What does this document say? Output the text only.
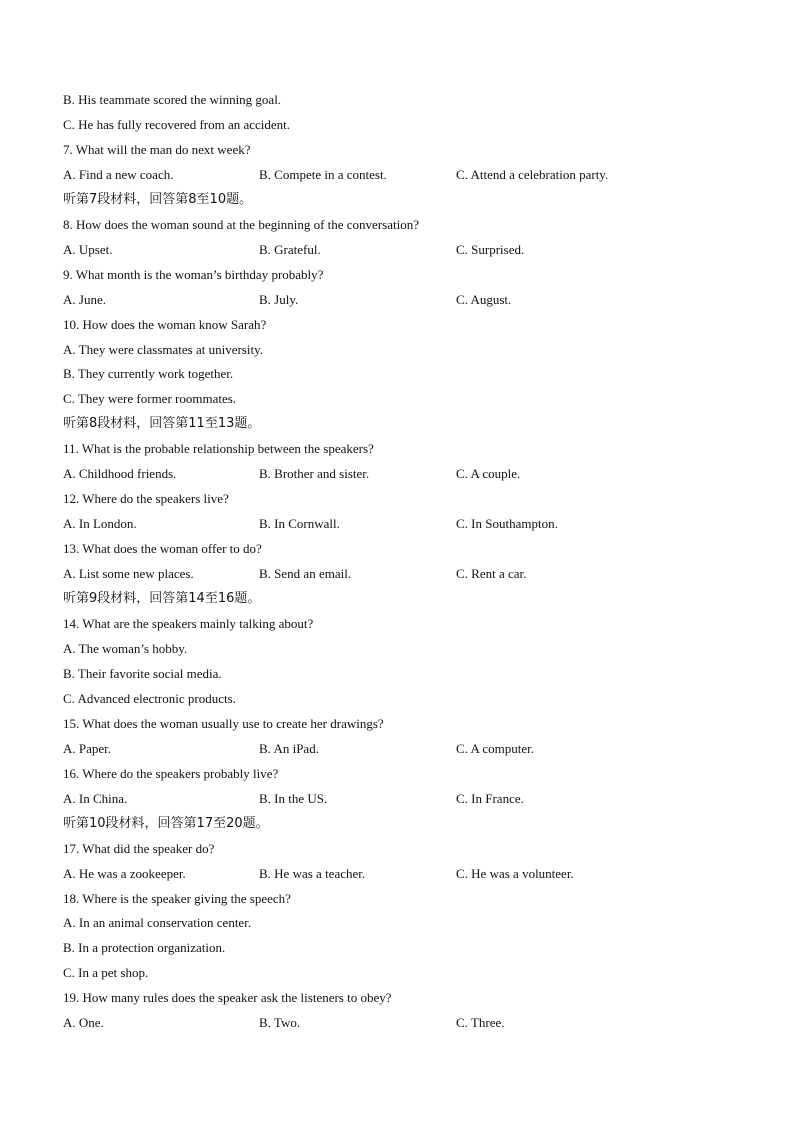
B. His teammate scored the winning goal.
C. He has fully recovered from an accident.
7. What will the man do next week?
A. Find a new coach.	B. Compete in a contest.	C. Attend a celebration party.
听第7段材料，回答第8至10题。
8. How does the woman sound at the beginning of the conversation?
A. Upset.	B. Grateful.	C. Surprised.
9. What month is the woman’s birthday probably?
A. June.	B. July.	C. August.
10. How does the woman know Sarah?
A. They were classmates at university.
B. They currently work together.
C. They were former roommates.
听第8段材料，回答第11至13题。
11. What is the probable relationship between the speakers?
A. Childhood friends.	B. Brother and sister.	C. A couple.
12. Where do the speakers live?
A. In London.	B. In Cornwall.	C. In Southampton.
13. What does the woman offer to do?
A. List some new places.	B. Send an email.	C. Rent a car.
听第9段材料，回答第14至16题。
14. What are the speakers mainly talking about?
A. The woman’s hobby.
B. Their favorite social media.
C. Advanced electronic products.
15. What does the woman usually use to create her drawings?
A. Paper.	B. An iPad.	C. A computer.
16. Where do the speakers probably live?
A. In China.	B. In the US.	C. In France.
听第10段材料，回答第17至20题。
17. What did the speaker do?
A. He was a zookeeper.	B. He was a teacher.	C. He was a volunteer.
18. Where is the speaker giving the speech?
A. In an animal conservation center.
B. In a protection organization.
C. In a pet shop.
19. How many rules does the speaker ask the listeners to obey?
A. One.	B. Two.	C. Three.
